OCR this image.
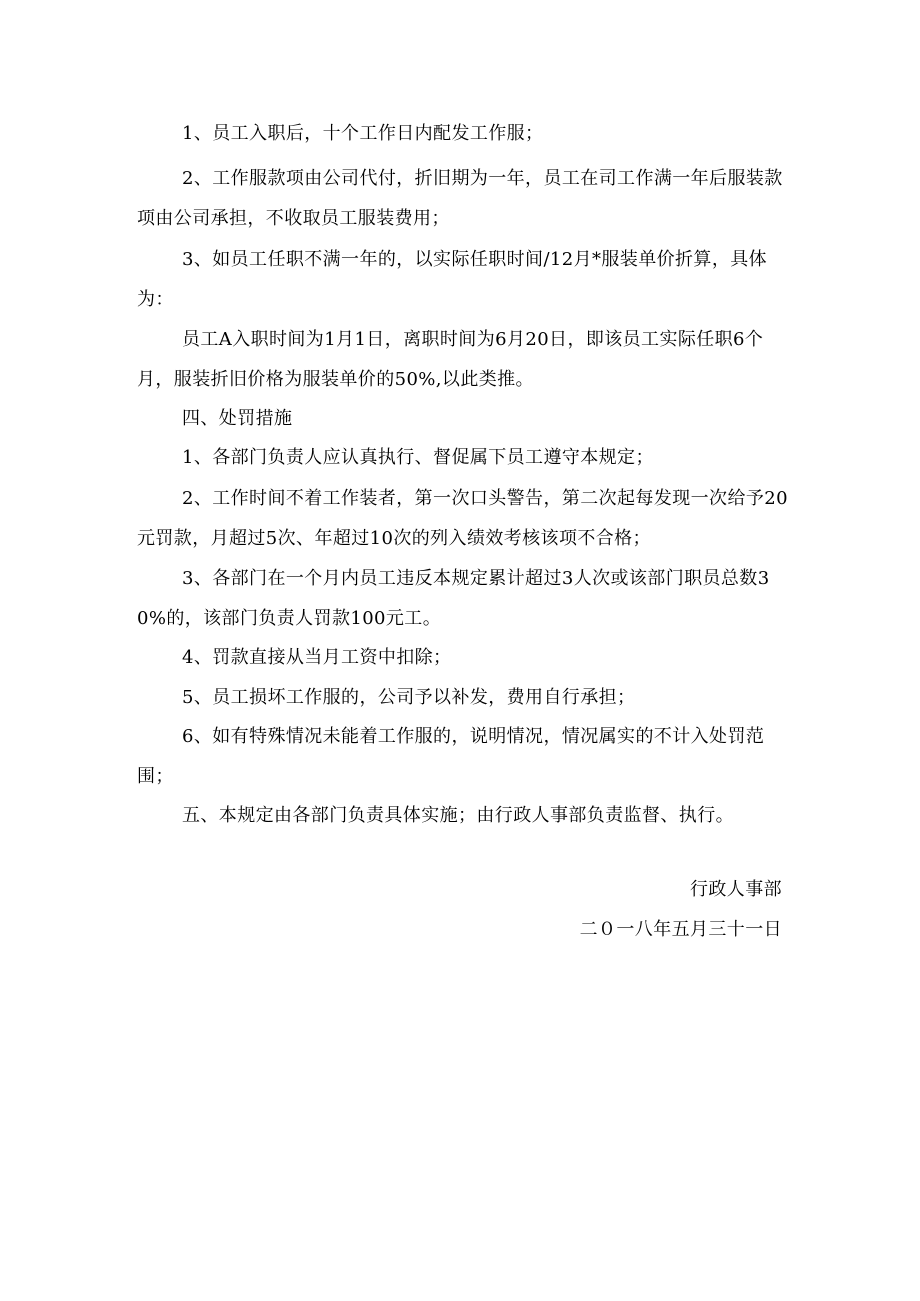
1、员工入职后，十个工作日内配发工作服；

2、工作服款项由公司代付，折旧期为一年，员工在司工作满一年后服装款项由公司承担，不收取员工服装费用；

3、如员工任职不满一年的，以实际任职时间/12月*服装单价折算，具体为：

员工A入职时间为1月1日，离职时间为6月20日，即该员工实际任职6个月，服装折旧价格为服装单价的50%,以此类推。

四、处罚措施

1、各部门负责人应认真执行、督促属下员工遵守本规定；

2、工作时间不着工作装者，第一次口头警告，第二次起每发现一次给予20元罚款，月超过5次、年超过10次的列入绩效考核该项不合格；

3、各部门在一个月内员工违反本规定累计超过3人次或该部门职员总数30%的，该部门负责人罚款100元工。

4、罚款直接从当月工资中扣除；

5、员工损坏工作服的，公司予以补发，费用自行承担；

6、如有特殊情况未能着工作服的，说明情况，情况属实的不计入处罚范围；

五、本规定由各部门负责具体实施；由行政人事部负责监督、执行。

行政人事部

二０一八年五月三十一日
